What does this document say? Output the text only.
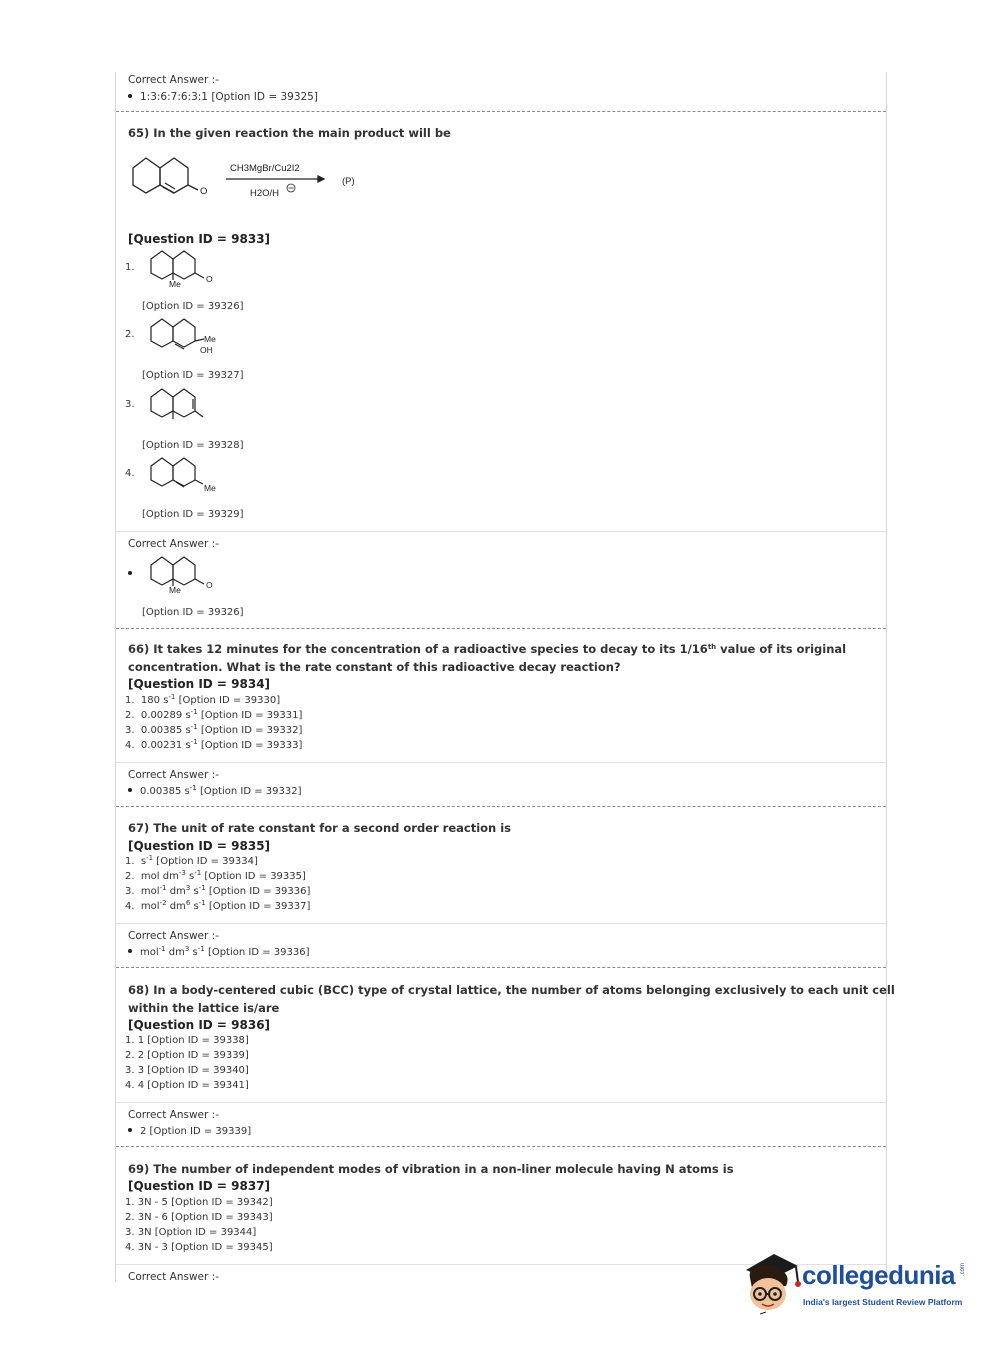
Correct Answer :-
1:3:6:7:6:3:1 [Option ID = 39325]
65) In the given reaction the main product will be
O
CH3MgBr/Cu2I2
H2O/H
(P)
[Question ID = 9833]
1.
Me	O
[Option ID = 39326]
2.	Me
OH
[Option ID = 39327]
3.
[Option ID = 39328]
4.
Me
[Option ID = 39329]
Correct Answer :-
Me	O
[Option ID = 39326]
66) It takes 12 minutes for the concentration of a radioactive species to decay to its 1/16th value of its original
concentration. What is the rate constant of this radioactive decay reaction?
[Question ID = 9834]
1. 180 $s^{-1}$ [Option ID = 39330]
2. 0.00289 $s^{-1}$ [Option ID = 39331]
3. 0.00385 $s^{-1}$ [Option ID = 39332]
4. 0.00231 $s^{-1}$ [Option ID = 39333]
Correct Answer :-
0.00385 $s^{-1}$ [Option ID = 39332]
67) The unit of rate constant for a second order reaction is
[Question ID = 9835]
1.  $s^{-1}$ [Option ID = 39334]
2.  mol $dm^{-3}$ $s^{-1}$ [Option ID = 39335]
3.  mol$^{-1}$ $dm^3$ $s^{-1}$ [Option ID = 39336]
4.  mol$^{-2}$ $dm^6$ $s^{-1}$ [Option ID = 39337]
Correct Answer :-
mol$^{-1}$ $dm^3$ $s^{-1}$ [Option ID = 39336]
68) In a body-centered cubic (BCC) type of crystal lattice, the number of atoms belonging exclusively to each unit cell
within the lattice is/are
[Question ID = 9836]
1. 1 [Option ID = 39338]
2. 2 [Option ID = 39339]
3. 3 [Option ID = 39340]
4. 4 [Option ID = 39341]
Correct Answer :-
2 [Option ID = 39339]
69) The number of independent modes of vibration in a non-liner molecule having N atoms is
[Question ID = 9837]
1. 3N - 5 [Option ID = 39342]
2. 3N - 6 [Option ID = 39343]
3. 3N [Option ID = 39344]
4. 3N - 3 [Option ID = 39345]
Correct Answer :-	collegedunia .com
India's largest Student Review Platform
